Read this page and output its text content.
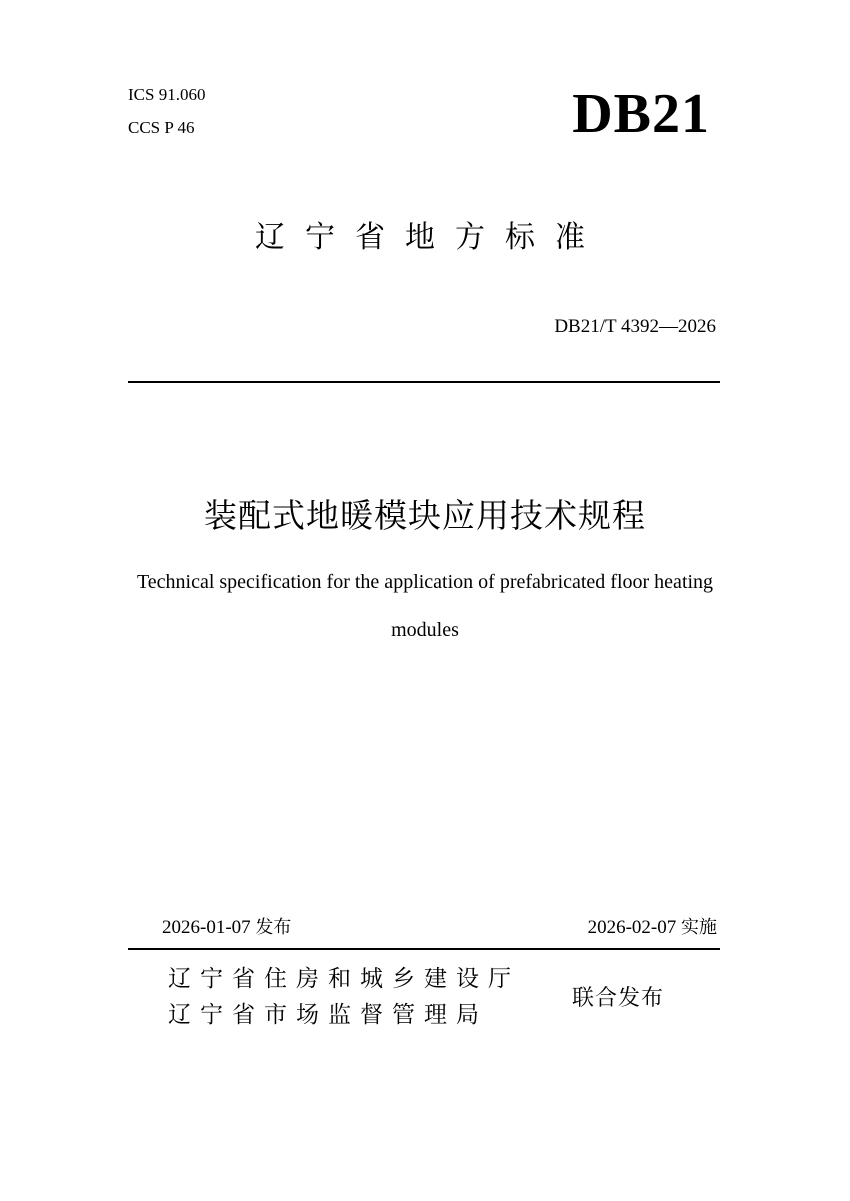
ICS 91.060
CCS P 46	DB21
辽宁省地方标准
DB21/T 4392—2026
装配式地暖模块应用技术规程
Technical specification for the application of prefabricated floor heating modules
2026-01-07 发布	2026-02-07 实施
辽宁省住房和城乡建设厅
辽宁省市场监督管理局
联合发布
